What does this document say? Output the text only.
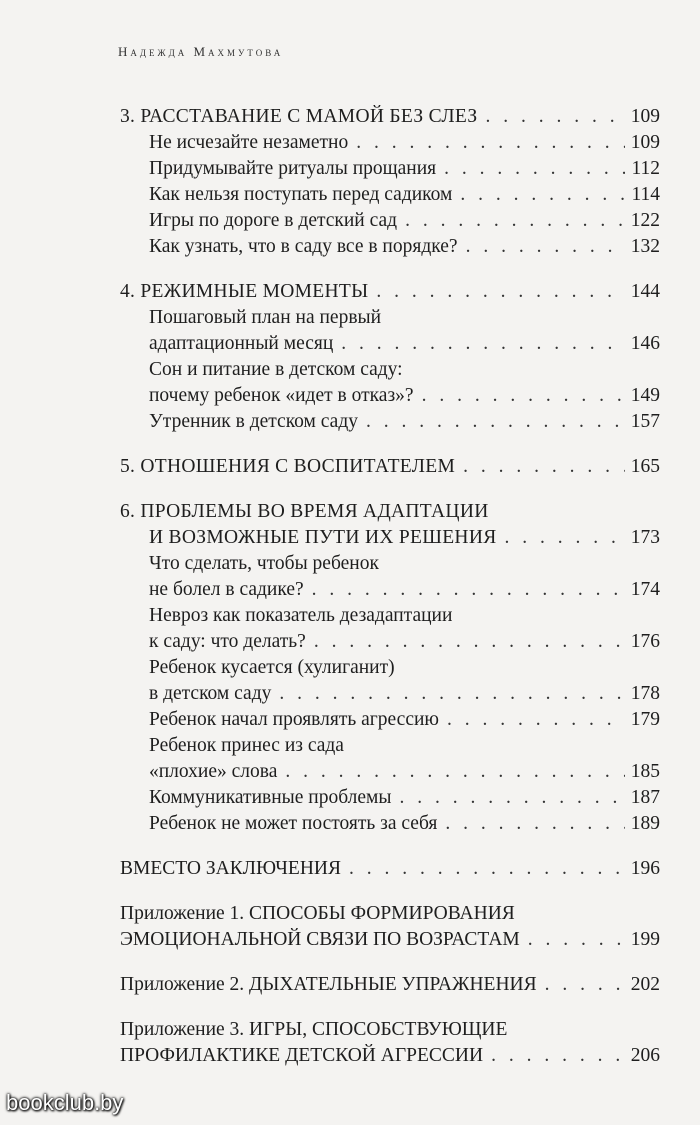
Надежда Махмутова
3. РАССТАВАНИЕ С МАМОЙ БЕЗ СЛЕЗ . . .	109
Не исчезайте незаметно . . .	109
Придумывайте ритуалы прощания . . .	112
Как нельзя поступать перед садиком . . .	114
Игры по дороге в детский сад . . .	122
Как узнать, что в саду все в порядке? . . .	132
4. РЕЖИМНЫЕ МОМЕНТЫ . . .	144
Пошаговый план на первый
адаптационный месяц . . .	146
Сон и питание в детском саду:
почему ребенок «идет в отказ»? . . .	149
Утренник в детском саду . . .	157
5. ОТНОШЕНИЯ С ВОСПИТАТЕЛЕМ . . .	165
6. ПРОБЛЕМЫ ВО ВРЕМЯ АДАПТАЦИИ
И ВОЗМОЖНЫЕ ПУТИ ИХ РЕШЕНИЯ . . .	173
Что сделать, чтобы ребенок
не болел в садике? . . .	174
Невроз как показатель дезадаптации
к саду: что делать? . . .	176
Ребенок кусается (хулиганит)
в детском саду . . .	178
Ребенок начал проявлять агрессию . . .	179
Ребенок принес из сада
«плохие» слова . . .	185
Коммуникативные проблемы . . .	187
Ребенок не может постоять за себя . . .	189
ВМЕСТО ЗАКЛЮЧЕНИЯ . . .	196
Приложение 1. СПОСОБЫ ФОРМИРОВАНИЯ
ЭМОЦИОНАЛЬНОЙ СВЯЗИ ПО ВОЗРАСТАМ . . .	199
Приложение 2. ДЫХАТЕЛЬНЫЕ УПРАЖНЕНИЯ . . .	202
Приложение 3. ИГРЫ, СПОСОБСТВУЮЩИЕ
ПРОФИЛАКТИКЕ ДЕТСКОЙ АГРЕССИИ . . .	206
bookclub.by
